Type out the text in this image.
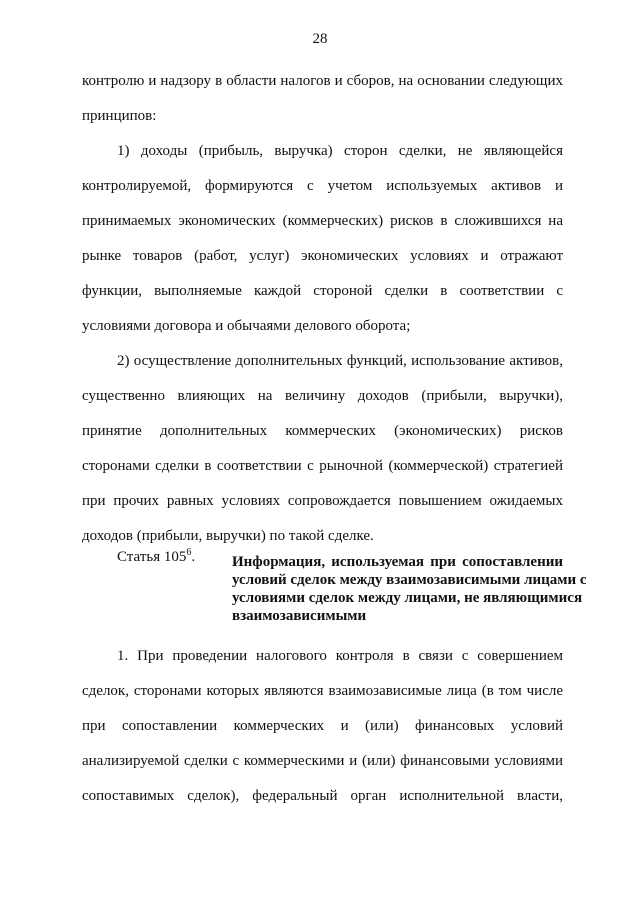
28
контролю и надзору в области налогов и сборов, на основании следующих
принципов:
1) доходы (прибыль, выручка) сторон сделки, не являющейся
контролируемой, формируются с учетом используемых активов и
принимаемых экономических (коммерческих) рисков в сложившихся на
рынке товаров (работ, услуг) экономических условиях и отражают
функции, выполняемые каждой стороной сделки в соответствии с
условиями договора и обычаями делового оборота;
2) осуществление дополнительных функций, использование активов,
существенно влияющих на величину доходов (прибыли, выручки),
принятие дополнительных коммерческих (экономических) рисков
сторонами сделки в соответствии с рыночной (коммерческой) стратегией
при прочих равных условиях сопровождается повышением ожидаемых
доходов (прибыли, выручки) по такой сделке.
Статья $105^6$. Информация, используемая при сопоставлении
условий сделок между взаимозависимыми лицами с
условиями сделок между лицами, не являющимися
взаимозависимыми
1. При проведении налогового контроля в связи с совершением
сделок, сторонами которых являются взаимозависимые лица (в том числе
при сопоставлении коммерческих и (или) финансовых условий
анализируемой сделки с коммерческими и (или) финансовыми условиями
сопоставимых сделок), федеральный орган исполнительной власти,
